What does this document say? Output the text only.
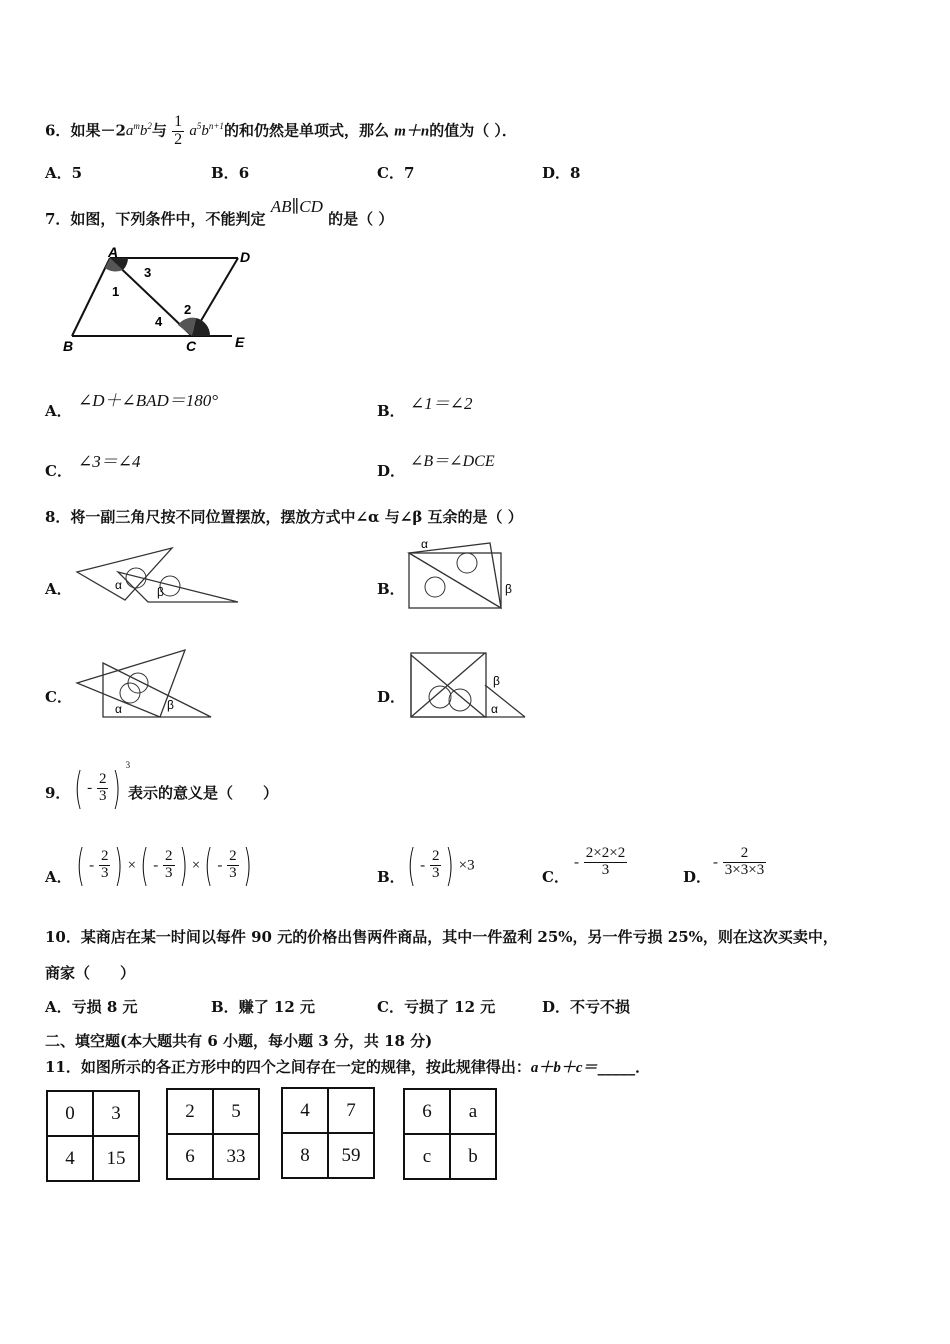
6．如果$-2a^mb^2$与 $\frac{1}{2} a^5b^{n+1}$的和仍然是单项式，那么 m＋n的值为（ ）．
A．5	B．6	C．7	D．8
7．如图，下列条件中，不能判定 AB∥CD 的是（ ）
A	D
B	C	E
1
2
3
4
A．
∠D＋∠BAD＝180°
B． ∠1＝∠2
C． ∠3＝∠4	D．
∠B＝∠DCE
8．将一副三角尺按不同位置摆放，摆放方式中∠α 与∠β 互余的是（ ）
A．	α	β	B．
α
β
C．
α	β	D．
α
β
9． ( - $\frac{2}{3}$ ) $^3$
表示的意义是（　　）
A． ( - $\frac{2}{3}$ ) ×( - $\frac{2}{3}$ ) ×( - $\frac{2}{3}$ )	B． ( - $\frac{2}{3}$ ) ×3
C．
- $\frac{2\times 2\times 2}{3}$	D．
- $\frac{2}{3\times 3\times 3}$
10．某商店在某一时间以每件 90 元的价格出售两件商品，其中一件盈利 25%，另一件亏损 25%，则在这次买卖中，
商家（　　）
A．亏损 8 元	B．赚了 12 元	C．亏损了 12 元	D．不亏不损
二、填空题(本大题共有 6 小题，每小题 3 分，共 18 分)
11．如图所示的各正方形中的四个之间存在一定的规律，按此规律得出：a＋b＋c＝_____．
0	3
4	15
2	5
6	33
4	7
8	59
6	a
c	b
